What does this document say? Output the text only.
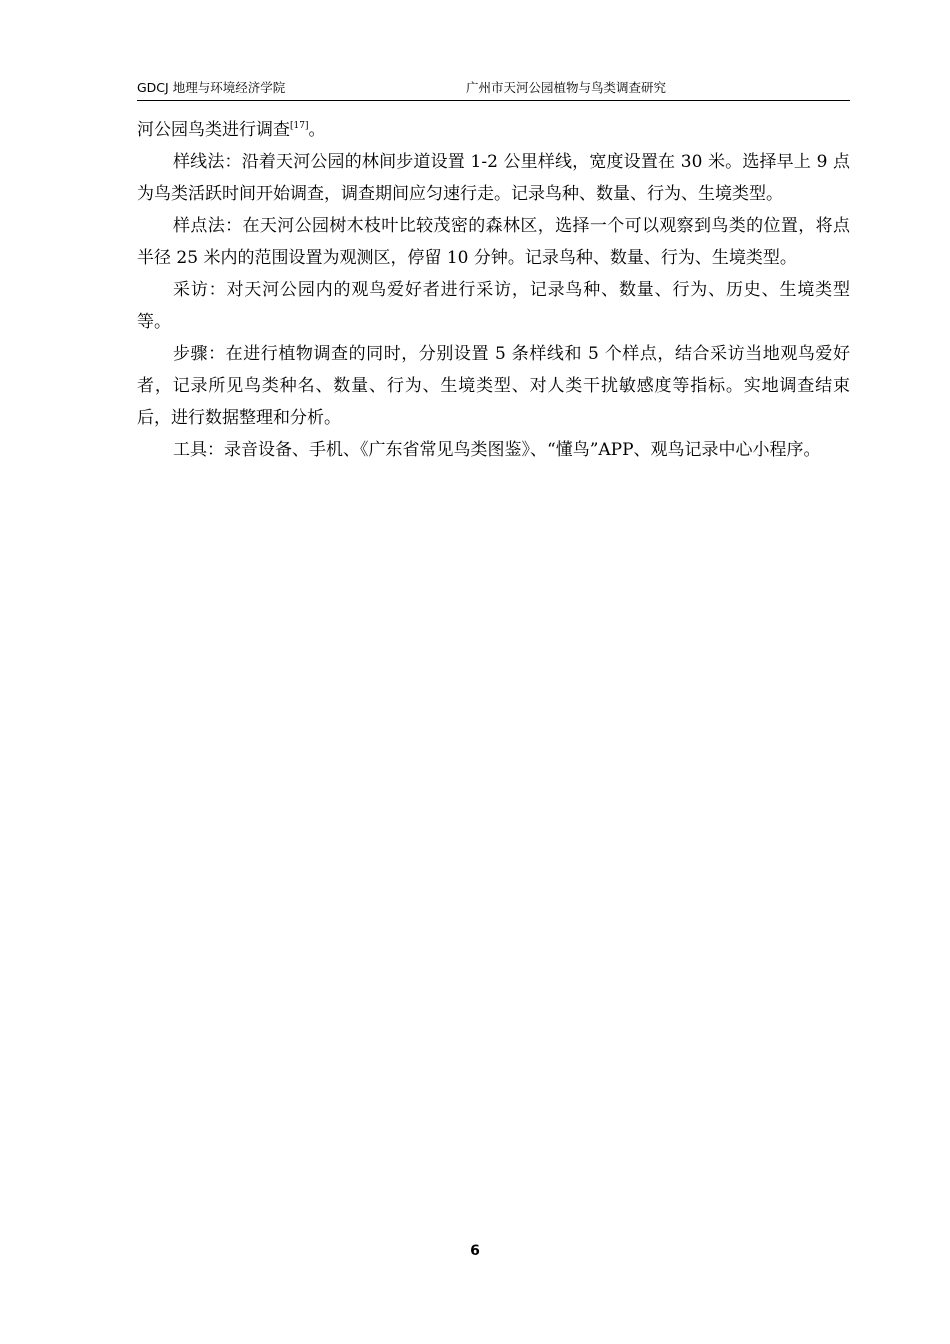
GDCJ 地理与环境经济学院	广州市天河公园植物与鸟类调查研究

河公园鸟类进行调查[17]。

样线法：沿着天河公园的林间步道设置 1-2 公里样线，宽度设置在 30 米。选择早上 9 点为鸟类活跃时间开始调查，调查期间应匀速行走。记录鸟种、数量、行为、生境类型。

样点法：在天河公园树木枝叶比较茂密的森林区，选择一个可以观察到鸟类的位置，将点半径 25 米内的范围设置为观测区，停留 10 分钟。记录鸟种、数量、行为、生境类型。

采访：对天河公园内的观鸟爱好者进行采访，记录鸟种、数量、行为、历史、生境类型等。

步骤：在进行植物调查的同时，分别设置 5 条样线和 5 个样点，结合采访当地观鸟爱好者，记录所见鸟类种名、数量、行为、生境类型、对人类干扰敏感度等指标。实地调查结束后，进行数据整理和分析。

工具：录音设备、手机、《广东省常见鸟类图鉴》、“懂鸟”APP、观鸟记录中心小程序。

6
